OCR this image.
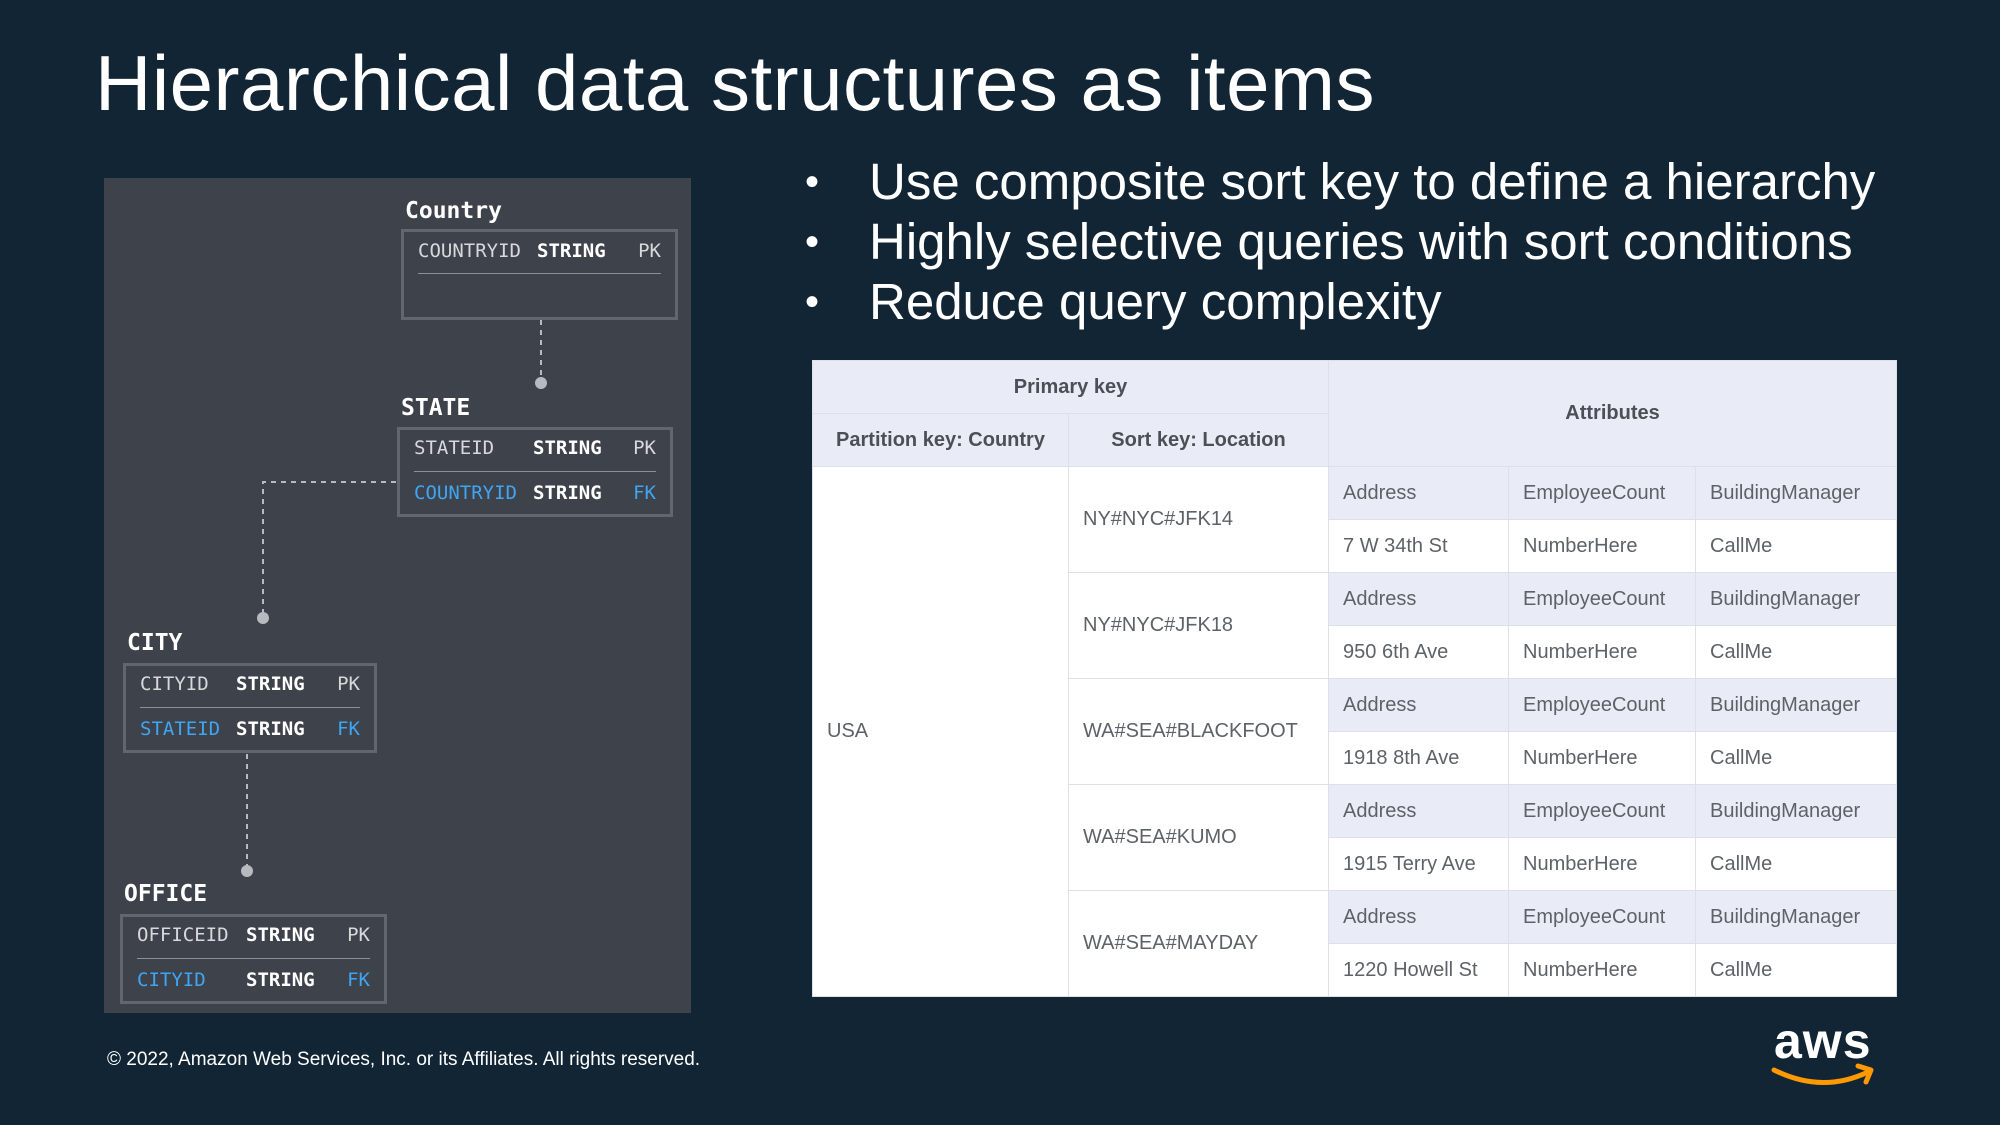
Hierarchical data structures as items
• Use composite sort key to define a hierarchy
• Highly selective queries with sort conditions
• Reduce query complexity
Country
COUNTRYID STRING PK
STATE
STATEID STRING PK
COUNTRYID STRING FK
CITY
CITYID STRING PK
STATEID STRING FK
OFFICE
OFFICEID STRING PK
CITYID STRING FK
Primary key		Attributes		
Partition key: Country	Sort key: Location			
USA	NY#NYC#JFK14	Address	EmployeeCount	BuildingManager
		7 W 34th St	NumberHere	CallMe
	NY#NYC#JFK18	Address	EmployeeCount	BuildingManager
		950 6th Ave	NumberHere	CallMe
	WA#SEA#BLACKFOOT	Address	EmployeeCount	BuildingManager
		1918 8th Ave	NumberHere	CallMe
	WA#SEA#KUMO	Address	EmployeeCount	BuildingManager
		1915 Terry Ave	NumberHere	CallMe
	WA#SEA#MAYDAY	Address	EmployeeCount	BuildingManager
		1220 Howell St	NumberHere	CallMe
© 2022, Amazon Web Services, Inc. or its Affiliates. All rights reserved.	aws
